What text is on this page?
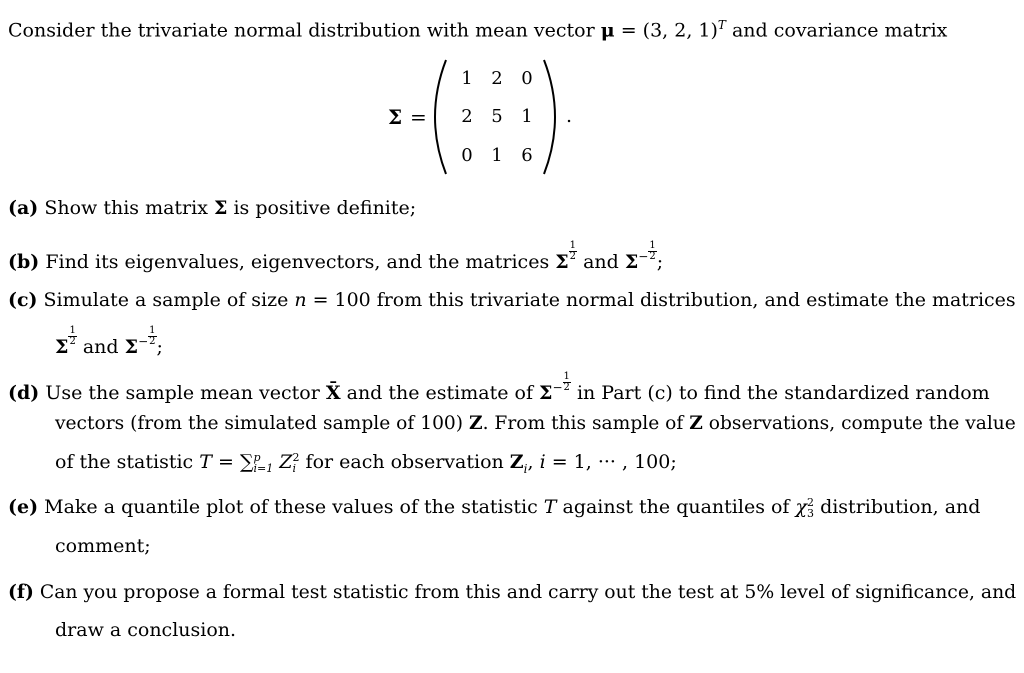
Consider the trivariate normal distribution with mean vector μ = (3, 2, 1)$^T$ and covariance matrix
Σ =
1	2	0
2	5	1
0	1	6
.
(a) Show this matrix Σ is positive definite;
(b) Find its eigenvalues, eigenvectors, and the matrices Σ $\frac{1}{2}$ and $\Sigma^- \frac{1}{2}$ ;
(c) Simulate a sample of size n = 100 from this trivariate normal distribution, and estimate the matrices
Σ $\frac{1}{2}$ and $\Sigma^- \frac{1}{2}$ ;
(d) Use the sample mean vector X̄ and the estimate of $\Sigma^- \frac{1}{2}$ in Part (c) to find the standardized random
vectors (from the simulated sample of 100) Z. From this sample of Z observations, compute the value
of the statistic T = ∑ p
i=1 Z 2
i for each observation $Z_i$, i = 1, ··· , 100;
(e) Make a quantile plot of these values of the statistic T against the quantiles of χ 2
3 distribution, and
comment;
(f) Can you propose a formal test statistic from this and carry out the test at 5% level of significance, and
draw a conclusion.
